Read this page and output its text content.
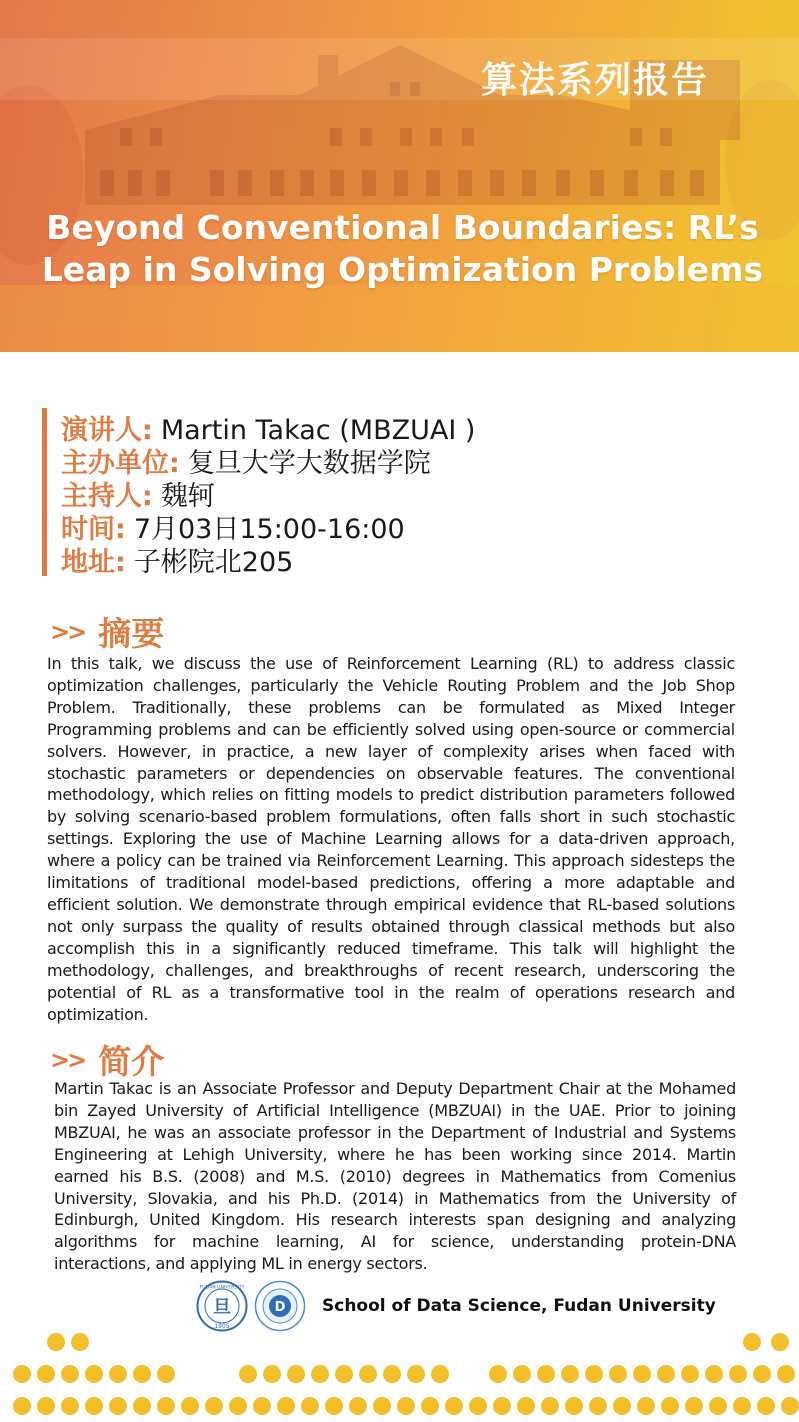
算法系列报告
Beyond Conventional Boundaries: RL’s
Leap in Solving Optimization Problems
演讲人: Martin Takac (MBZUAI )
主办单位: 复旦大学大数据学院
主持人: 魏轲
时间: 7月03日15:00-16:00
地址: 子彬院北205
>> 摘要
In this talk, we discuss the use of Reinforcement Learning (RL) to address classic optimization challenges, particularly the Vehicle Routing Problem and the Job Shop Problem. Traditionally, these problems can be formulated as Mixed Integer Programming problems and can be efficiently solved using open-source or commercial solvers. However, in practice, a new layer of complexity arises when faced with stochastic parameters or dependencies on observable features. The conventional methodology, which relies on fitting models to predict distribution parameters followed by solving scenario-based problem formulations, often falls short in such stochastic settings. Exploring the use of Machine Learning allows for a data-driven approach, where a policy can be trained via Reinforcement Learning. This approach sidesteps the limitations of traditional model-based predictions, offering a more adaptable and efficient solution. We demonstrate through empirical evidence that RL-based solutions not only surpass the quality of results obtained through classical methods but also accomplish this in a significantly reduced timeframe. This talk will highlight the methodology, challenges, and breakthroughs of recent research, underscoring the potential of RL as a transformative tool in the realm of operations research and optimization.
>> 简介
Martin Takac is an Associate Professor and Deputy Department Chair at the Mohamed bin Zayed University of Artificial Intelligence (MBZUAI) in the UAE. Prior to joining MBZUAI, he was an associate professor in the Department of Industrial and Systems Engineering at Lehigh University, where he has been working since 2014. Martin earned his B.S. (2008) and M.S. (2010) degrees in Mathematics from Comenius University, Slovakia, and his Ph.D. (2014) in Mathematics from the University of Edinburgh, United Kingdom. His research interests span designing and analyzing algorithms for machine learning, AI for science, understanding protein-DNA interactions, and applying ML in energy sectors.
旦
1905
FUDAN UNIVERSITY
D School of Data Science, Fudan University
